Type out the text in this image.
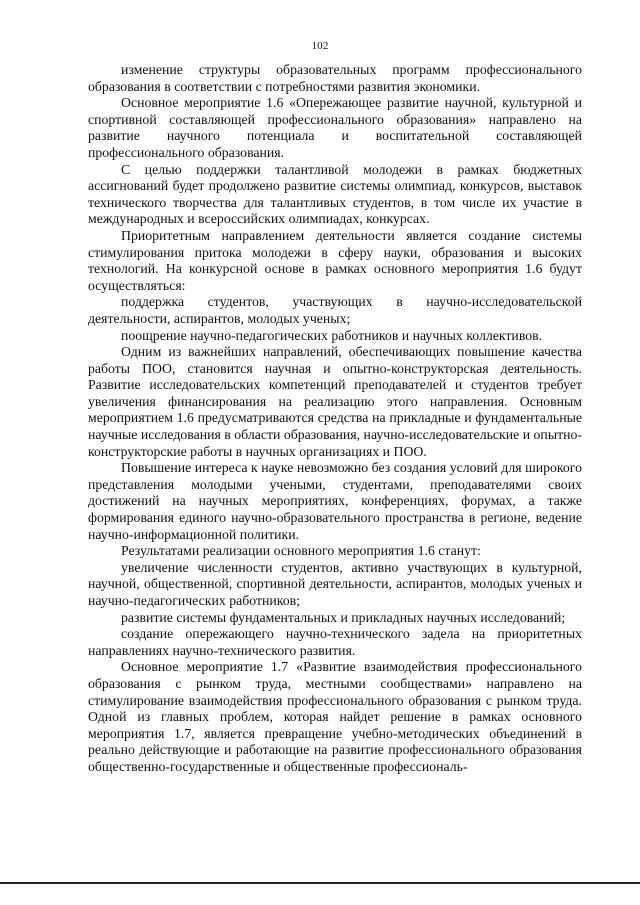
102

изменение структуры образовательных программ профессионального образования в соответствии с потребностями развития экономики.

Основное мероприятие 1.6 «Опережающее развитие научной, культурной и спортивной составляющей профессионального образования» направлено на развитие научного потенциала и воспитательной составляющей профессионального образования.

С целью поддержки талантливой молодежи в рамках бюджетных ассигнований будет продолжено развитие системы олимпиад, конкурсов, выставок технического творчества для талантливых студентов, в том числе их участие в международных и всероссийских олимпиадах, конкурсах.

Приоритетным направлением деятельности является создание системы стимулирования притока молодежи в сферу науки, образования и высоких технологий. На конкурсной основе в рамках основного мероприятия 1.6 будут осуществляться:

поддержка студентов, участвующих в научно-исследовательской деятельности, аспирантов, молодых ученых;

поощрение научно-педагогических работников и научных коллективов.

Одним из важнейших направлений, обеспечивающих повышение качества работы ПОО, становится научная и опытно-конструкторская деятельность. Развитие исследовательских компетенций преподавателей и студентов требует увеличения финансирования на реализацию этого направления. Основным мероприятием 1.6 предусматриваются средства на прикладные и фундаментальные научные исследования в области образования, научно-исследовательские и опытно-конструкторские работы в научных организациях и ПОО.

Повышение интереса к науке невозможно без создания условий для широкого представления молодыми учеными, студентами, преподавателями своих достижений на научных мероприятиях, конференциях, форумах, а также формирования единого научно-образовательного пространства в регионе, ведение научно-информационной политики.

Результатами реализации основного мероприятия 1.6 станут:

увеличение численности студентов, активно участвующих в культурной, научной, общественной, спортивной деятельности, аспирантов, молодых ученых и научно-педагогических работников;

развитие системы фундаментальных и прикладных научных исследований;

создание опережающего научно-технического задела на приоритетных направлениях научно-технического развития.

Основное мероприятие 1.7 «Развитие взаимодействия профессионального образования с рынком труда, местными сообществами» направлено на стимулирование взаимодействия профессионального образования с рынком труда. Одной из главных проблем, которая найдет решение в рамках основного мероприятия 1.7, является превращение учебно-методических объединений в реально действующие и работающие на развитие профессионального образования общественно-государственные и общественные профессиональ-
